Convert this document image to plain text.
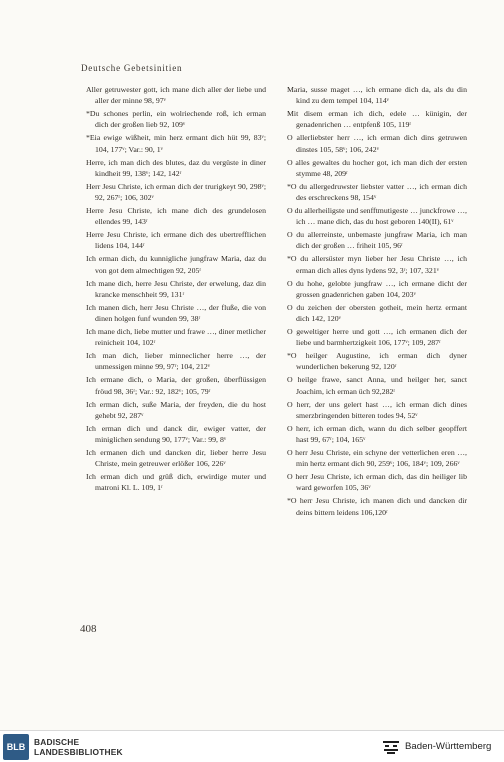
Deutsche Gebetsinitien
Aller getruwester gott, ich mane dich aller der liebe und aller der minne 98, 97ᵛ
*Du schones perlin, ein wolriechende roß, ich erman dich der großen lieb 92, 109ᵛ
*Eia ewige wißheit, min herz ermant dich hüt 99, 83ᵛ; 104, 177ᵛ; Var.: 90, 1ᵛ
Herre, ich man dich des blutes, daz du vergüste in diner kindheit 99, 138ᵛ; 142, 142ʳ
Herr Jesu Christe, ich erman dich der trurigkeyt 90, 298ᵛ; 92, 267ʳ; 106, 302ᵛ
Herre Jesu Christe, ich mane dich des grundelosen ellendes 99, 143ʳ
Herre Jesu Christe, ich ermane dich des ubertrefflichen lidens 104, 144ʳ
Ich erman dich, du kunnigliche jungfraw Maria, daz du von got dem almechtigen 92, 205ʳ
Ich mane dich, herre Jesu Christe, der erwelung, daz din krancke menschheit 99, 131ʳ
Ich manen dich, herr Jesu Christe …, der fluße, die von dinen holgen funf wunden 99, 38ʳ
Ich mane dich, liebe mutter und frawe …, diner metlicher reinicheit 104, 102ʳ
Ich man dich, lieber minneclicher herre …, der unmessigen minne 99, 97ʳ; 104, 212ᵛ
Ich ermane dich, o Maria, der großen, überflüssigen fröud 98, 36ʳ; Var.: 92, 182ᵛ; 105, 79ʳ
Ich erman dich, suße Maria, der freyden, die du host gehebt 92, 287ᵛ
Ich erman dich und danck dir, ewiger vatter, der miniglichen sendung 90, 177ᵛ; Var.: 99, 8ᵛ
Ich ermanen dich und dancken dir, lieber herre Jesu Christe, mein getreuwer erlößer 106, 226ᵛ
Ich erman dich und grüß dich, erwirdige muter und matroni Kl. L. 109, 1ʳ
Maria, susse maget …, ich ermane dich da, als du din kind zu dem tempel 104, 114ᵛ
Mit disem erman ich dich, edele … künigin, der genadenrichen … entpfenß 105, 119ʳ
O allerliebster herr …, ich erman dich dins getruwen dinstes 105, 58ᵛ; 106, 242ᵛ
O alles gewaltes du hocher got, ich man dich der ersten stymme 48, 209ʳ
*O du allergedruwster liebster vatter …, ich erman dich des erschreckens 98, 154ᵛ
O du allerheiligste und senfftmutigeste … junckfrowe …, ich … mane dich, das du host geboren 140(II), 61ᵛ
O du allerreinste, unbemaste jungfraw Maria, ich man dich der großen … friheit 105, 96ʳ
*O du allersüster myn lieber her Jesu Christe …, ich erman dich alles dyns lydens 92, 3ʳ; 107, 321ᵛ
O du hohe, gelobte jungfraw …, ich ermane dicht der grossen gnadenrichen gaben 104, 203ᵛ
O du zeichen der obersten gotheit, mein hertz ermant dich 142, 120ᵛ
O geweltiger herre und gott …, ich ermanen dich der liebe und barmhertzigkeit 106, 177ᵛ; 109, 287ʳ
*O heilger Augustine, ich erman dich dyner wunderlichen bekerung 92, 120ʳ
O heilge frawe, sanct Anna, und heilger her, sanct Joachim, ich erman üch 92,282ʳ
O herr, der uns gelert hast …, ich erman dich dines smerzbringenden bitteren todes 94, 52ᵛ
O herr, ich erman dich, wann du dich selber geopffert hast 99, 67ʳ; 104, 165ᵛ
O herr Jesu Christe, ein schyne der vetterlichen eren …, min hertz ermant dich 90, 259ᵛ; 106, 184ᵛ; 109, 266ᵛ
O herr Jesu Christe, ich erman dich, das din heiliger lib ward geworfen 105, 36ᵛ
*O herr Jesu Christe, ich manen dich und dancken dir deins bittern leidens 106,120ʳ
408
BLB	BADISCHE
LANDESBIBLIOTHEK	Baden-Württemberg
